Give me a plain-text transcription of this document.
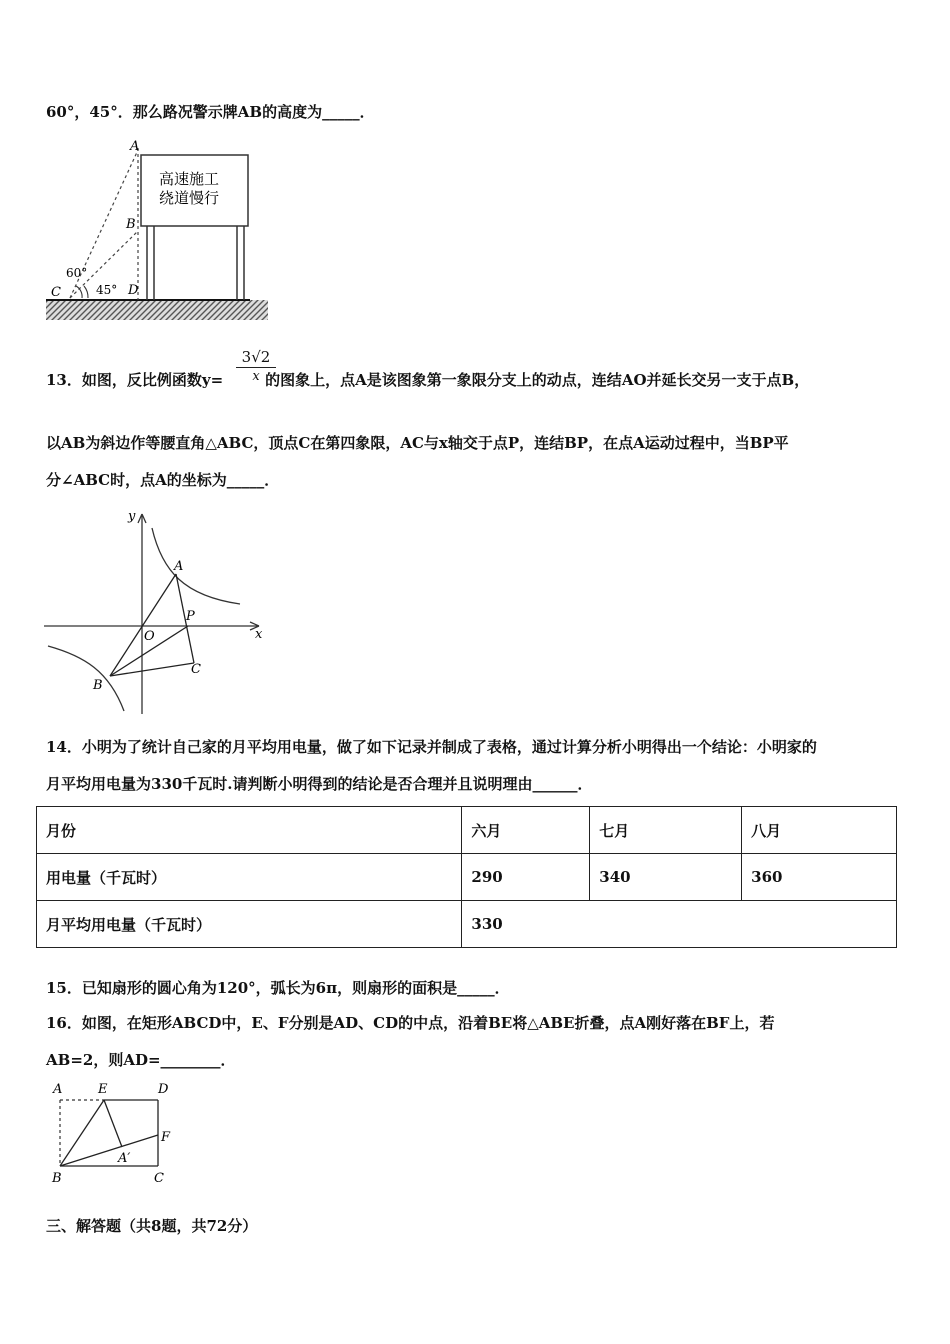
60°，45°．那么路况警示牌AB的高度为_____．
高速施工
绕道慢行
A
B
C	D
60°
45°
13．如图，反比例函数y=	的图象上，点A是该图象第一象限分支上的动点，连结AO并延长交另一支于点B，
3√2
x
以AB为斜边作等腰直角△ABC，顶点C在第四象限，AC与x轴交于点P，连结BP，在点A运动过程中，当BP平
分∠ABC时，点A的坐标为_____．
y
x
A
P
O
C
B
14．小明为了统计自己家的月平均用电量，做了如下记录并制成了表格，通过计算分析小明得出一个结论：小明家的
月平均用电量为330千瓦时.请判断小明得到的结论是否合理并且说明理由______．
月份	六月	七月	八月
用电量（千瓦时）	290	340	360
月平均用电量（千瓦时）	330		
15．已知扇形的圆心角为120°，弧长为6π，则扇形的面积是_____．
16．如图，在矩形ABCD中，E、F分别是AD、CD的中点，沿着BE将△ABE折叠，点A刚好落在BF上，若
AB=2，则AD=________．
A	E	D
F
A′
B	C
三、解答题（共8题，共72分）
